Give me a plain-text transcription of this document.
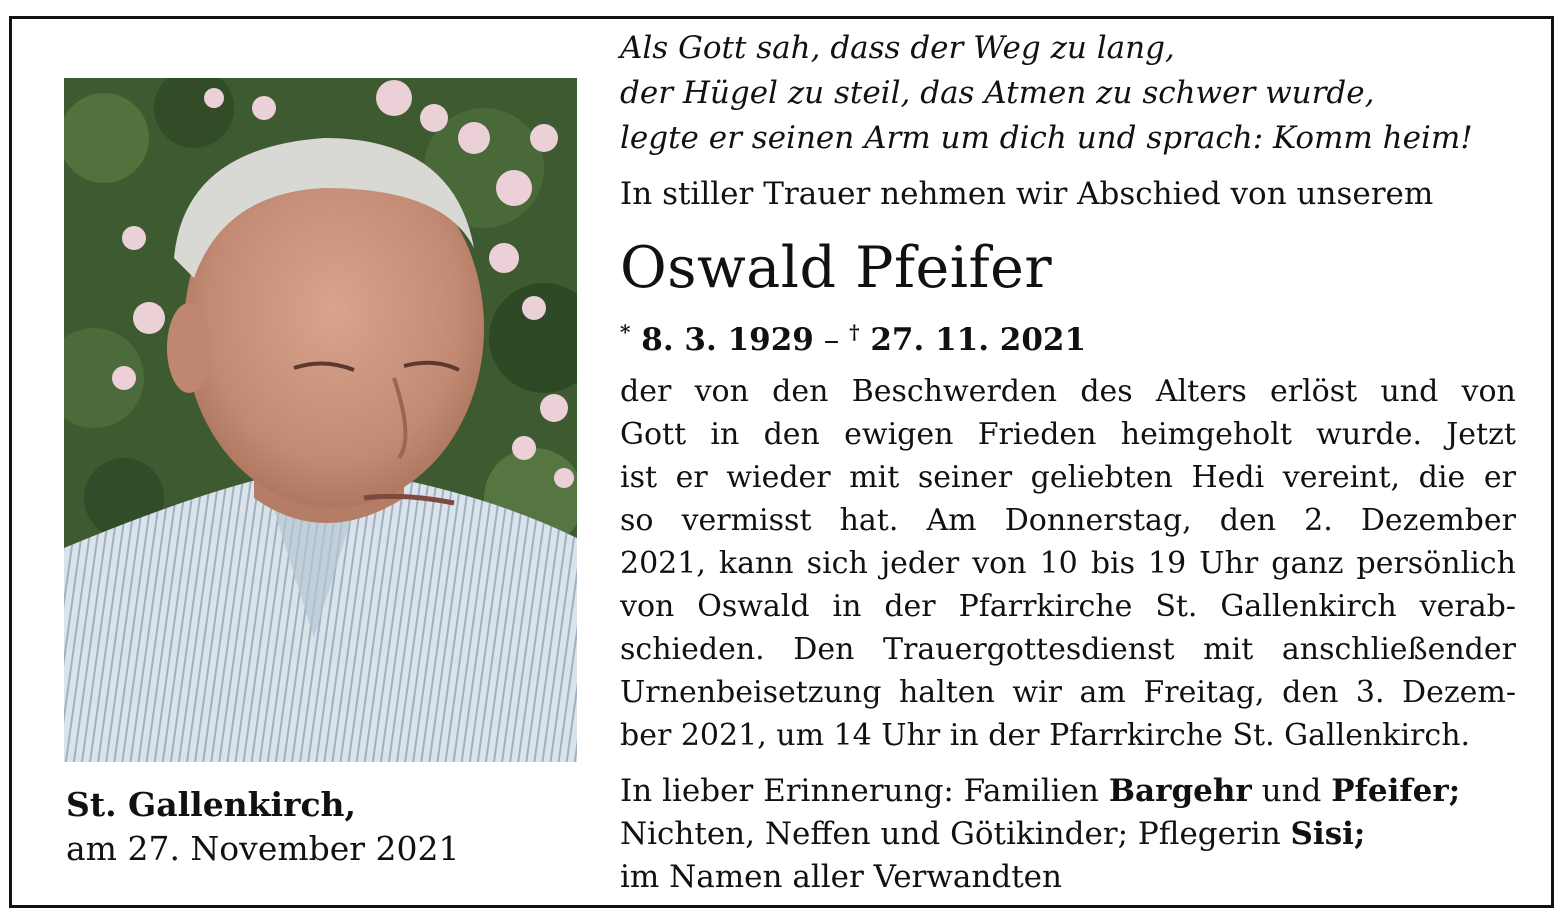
Als Gott sah, dass der Weg zu lang,
der Hügel zu steil, das Atmen zu schwer wurde,
legte er seinen Arm um dich und sprach: Komm heim!
In stiller Trauer nehmen wir Abschied von unserem
Oswald Pfeifer
* 8. 3. 1929 – † 27. 11. 2021
der von den Beschwerden des Alters erlöst und von
Gott in den ewigen Frieden heimgeholt wurde. Jetzt
ist er wieder mit seiner geliebten Hedi vereint, die er
so vermisst hat. Am Donnerstag, den 2. Dezember
2021, kann sich jeder von 10 bis 19 Uhr ganz persönlich
von Oswald in der Pfarrkirche St. Gallenkirch verab-
schieden. Den Trauergottesdienst mit anschließender
Urnenbeisetzung halten wir am Freitag, den 3. Dezem-
ber 2021, um 14 Uhr in der Pfarrkirche St. Gallenkirch.
In lieber Erinnerung: Familien Bargehr und Pfeifer;
Nichten, Neffen und Götikinder; Pflegerin Sisi;
im Namen aller Verwandten
St. Gallenkirch,
am 27. November 2021
